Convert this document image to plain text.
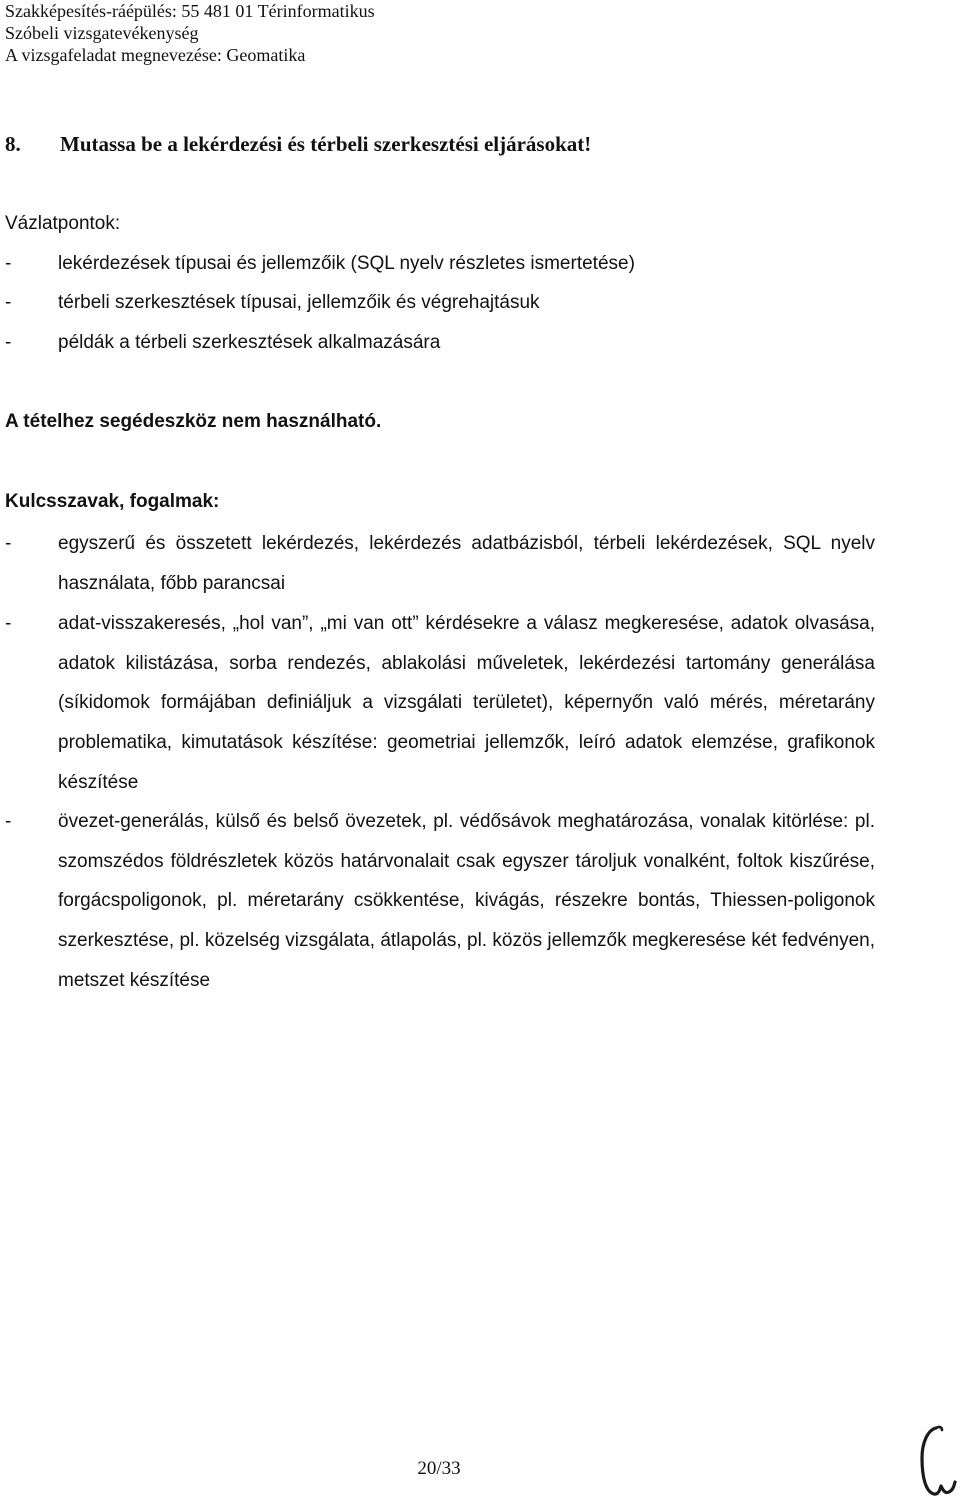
Szakképesítés-ráépülés: 55 481 01 Térinformatikus
Szóbeli vizsgatevékenység
A vizsgafeladat megnevezése: Geomatika
8. Mutassa be a lekérdezési és térbeli szerkesztési eljárásokat!
Vázlatpontok:
- lekérdezések típusai és jellemzőik (SQL nyelv részletes ismertetése)
- térbeli szerkesztések típusai, jellemzőik és végrehajtásuk
- példák a térbeli szerkesztések alkalmazására
A tételhez segédeszköz nem használható.
Kulcsszavak, fogalmak:
- egyszerű és összetett lekérdezés, lekérdezés adatbázisból, térbeli lekérdezések, SQL nyelv használata, főbb parancsai
- adat-visszakeresés, „hol van”, „mi van ott” kérdésekre a válasz megkeresése, adatok olvasása, adatok kilistázása, sorba rendezés, ablakolási műveletek, lekérdezési tartomány generálása (síkidomok formájában definiáljuk a vizsgálati területet), képernyőn való mérés, méretarány problematika, kimutatások készítése: geometriai jellemzők, leíró adatok elemzése, grafikonok készítése
- övezet-generálás, külső és belső övezetek, pl. védősávok meghatározása, vonalak kitörlése: pl. szomszédos földrészletek közös határvonalait csak egyszer tároljuk vonalként, foltok kiszűrése, forgácspoligonok, pl. méretarány csökkentése, kivágás, részekre bontás, Thiessen-poligonok szerkesztése, pl. közelség vizsgálata, átlapolás, pl. közös jellemzők megkeresése két fedvényen, metszet készítése
20/33
